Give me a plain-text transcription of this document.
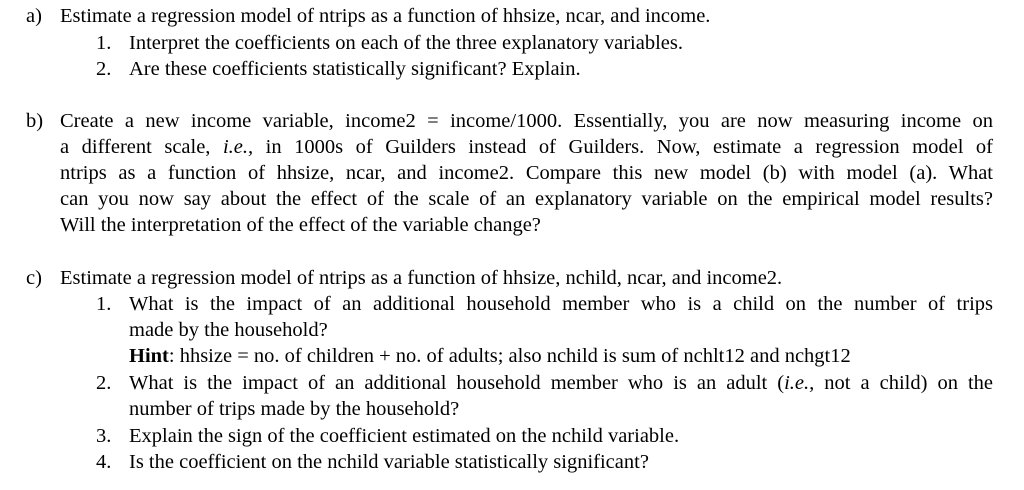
a) Estimate a regression model of ntrips as a function of hhsize, ncar, and income.
1. Interpret the coefficients on each of the three explanatory variables.
2. Are these coefficients statistically significant? Explain.
b) Create a new income variable, income2 = income/1000. Essentially, you are now measuring income on
a different scale, i.e., in 1000s of Guilders instead of Guilders. Now, estimate a regression model of
ntrips as a function of hhsize, ncar, and income2. Compare this new model (b) with model (a). What
can you now say about the effect of the scale of an explanatory variable on the empirical model results?
Will the interpretation of the effect of the variable change?
c) Estimate a regression model of ntrips as a function of hhsize, nchild, ncar, and income2.
1. What is the impact of an additional household member who is a child on the number of trips
made by the household?
Hint: hhsize = no. of children + no. of adults; also nchild is sum of nchlt12 and nchgt12
2. What is the impact of an additional household member who is an adult (i.e., not a child) on the
number of trips made by the household?
3. Explain the sign of the coefficient estimated on the nchild variable.
4. Is the coefficient on the nchild variable statistically significant?
